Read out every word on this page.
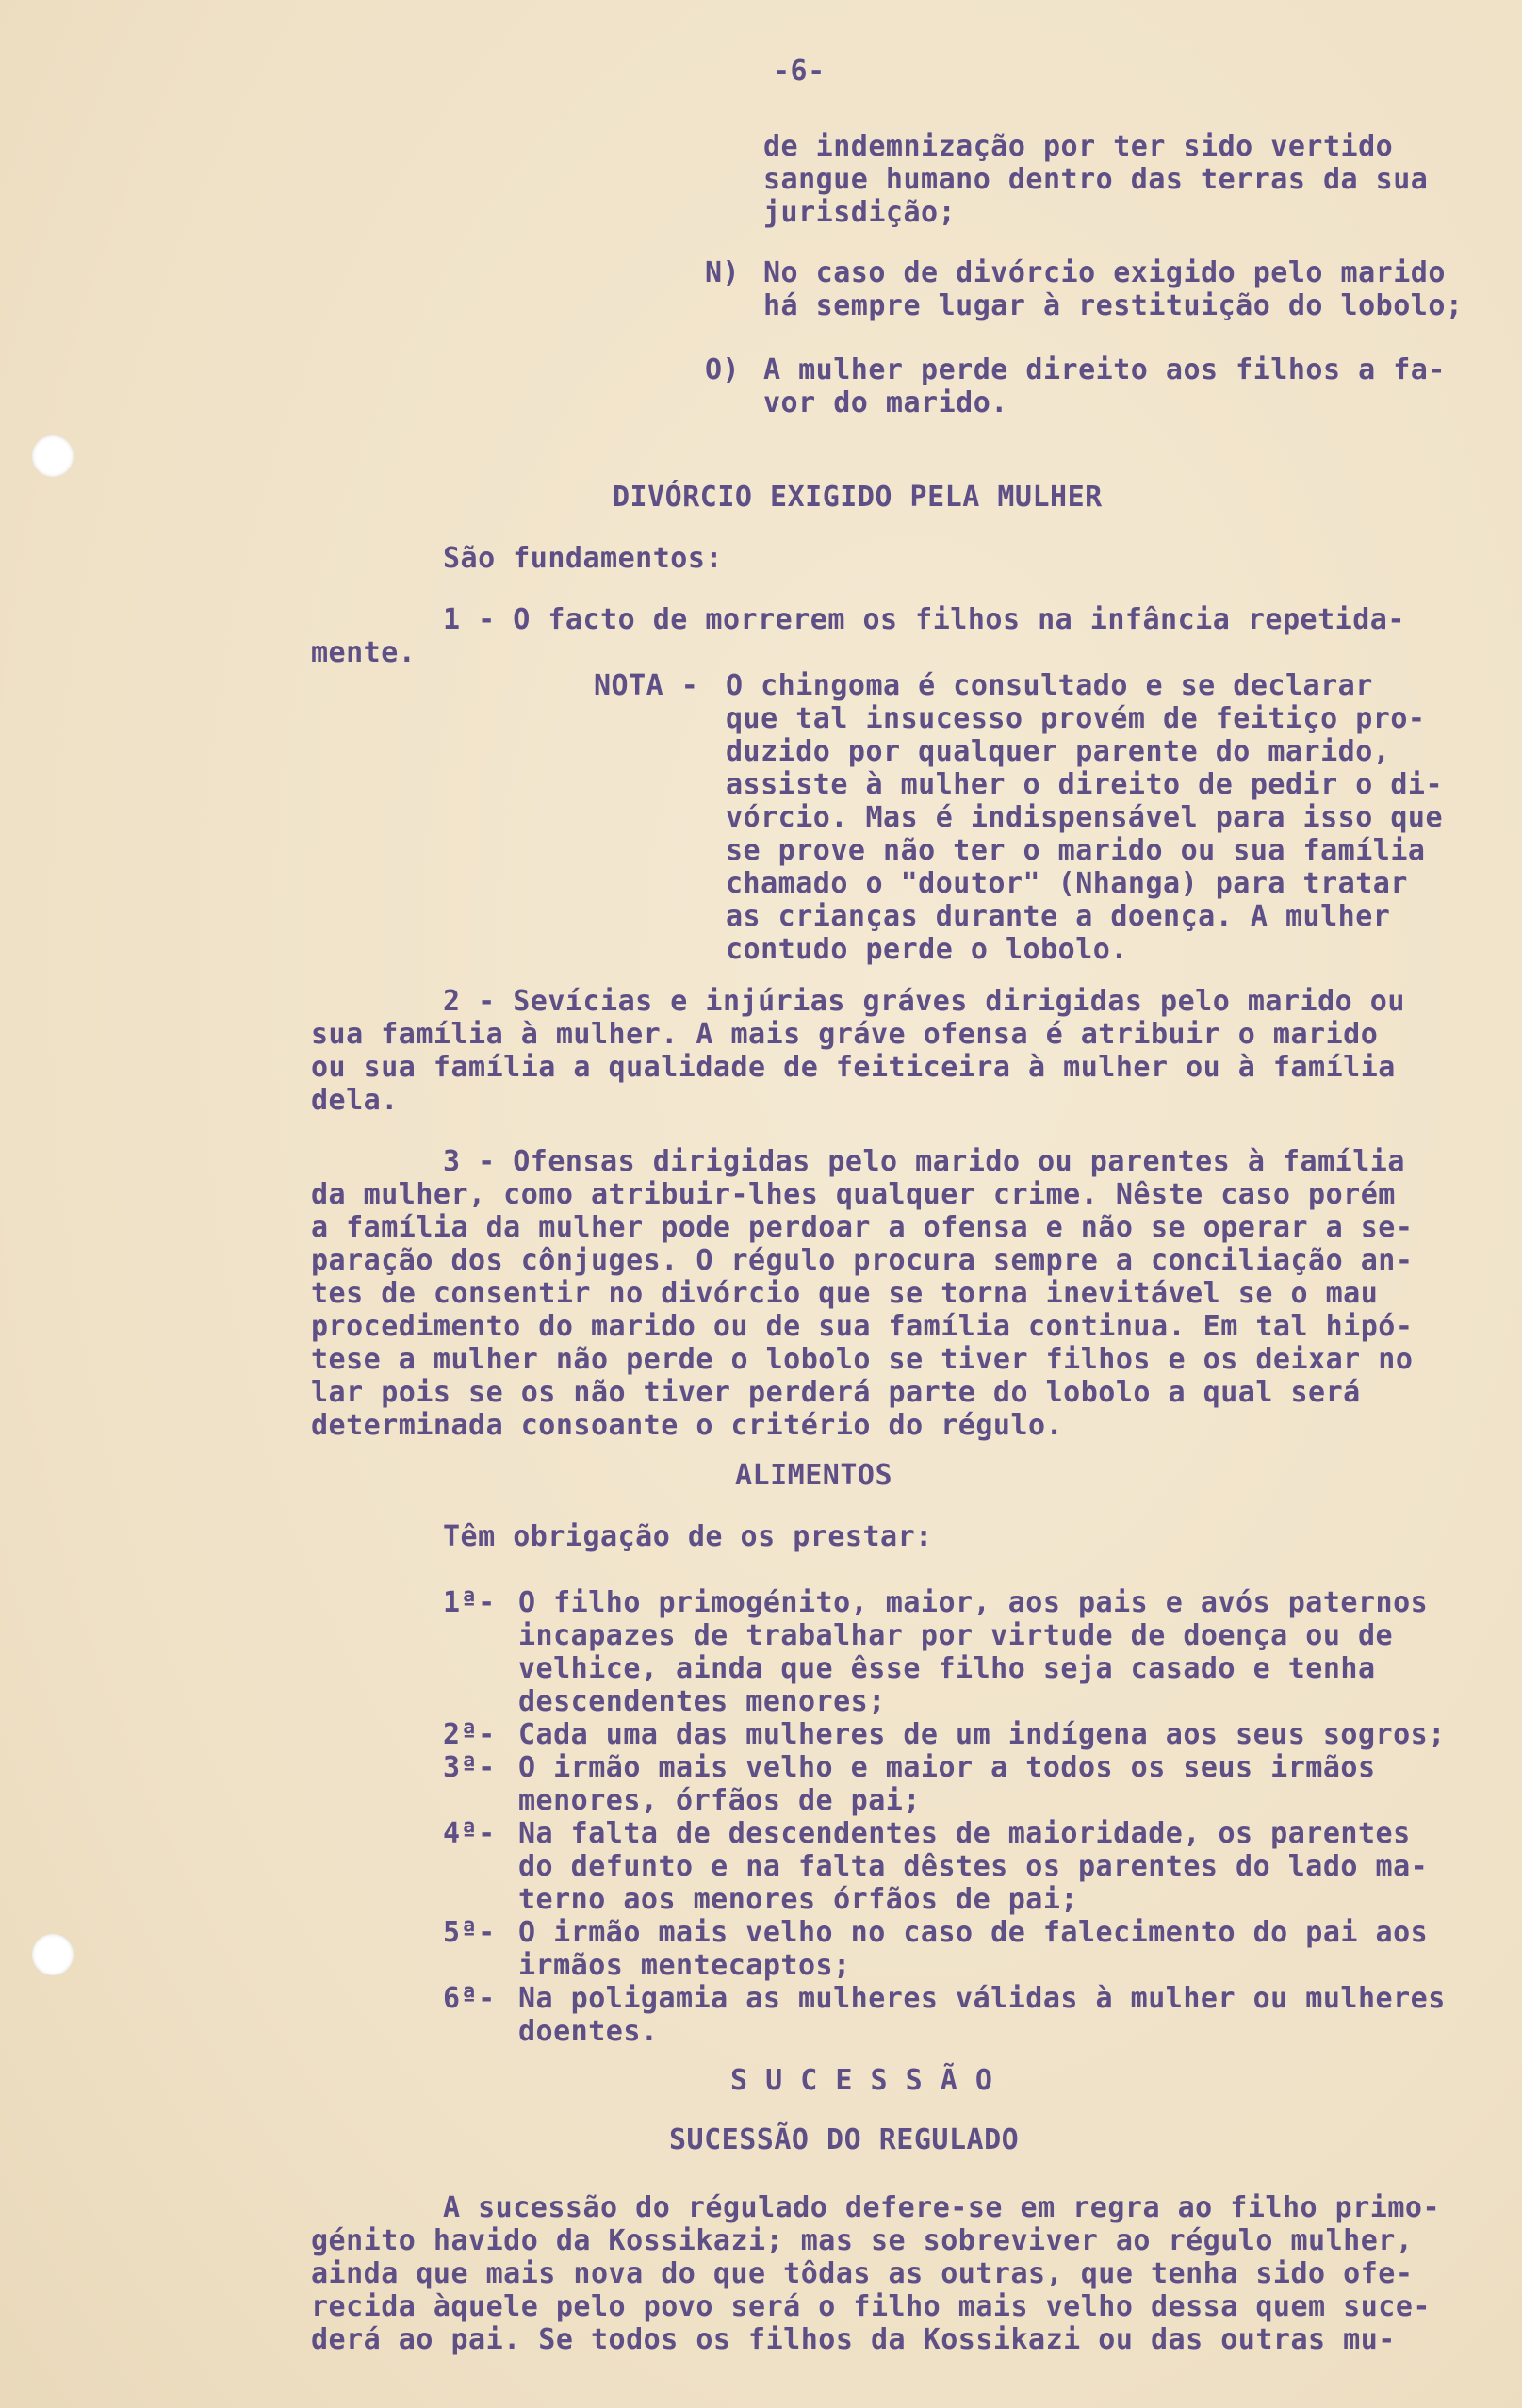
-6-
de indemnização por ter sido vertido
sangue humano dentro das terras da sua
jurisdição;
N) No caso de divórcio exigido pelo marido
há sempre lugar à restituição do lobolo;
O) A mulher perde direito aos filhos a fa-
vor do marido.
DIVÓRCIO EXIGIDO PELA MULHER
São fundamentos:
1 - O facto de morrerem os filhos na infância repetida-
mente.
NOTA - O chingoma é consultado e se declarar
que tal insucesso provém de feitiço pro-
duzido por qualquer parente do marido,
assiste à mulher o direito de pedir o di-
vórcio. Mas é indispensável para isso que
se prove não ter o marido ou sua família
chamado o "doutor" (Nhanga) para tratar
as crianças durante a doença. A mulher
contudo perde o lobolo.
2 - Sevícias e injúrias gráves dirigidas pelo marido ou
sua família à mulher. A mais gráve ofensa é atribuir o marido
ou sua família a qualidade de feiticeira à mulher ou à família
dela.
3 - Ofensas dirigidas pelo marido ou parentes à família
da mulher, como atribuir-lhes qualquer crime. Nêste caso porém
a família da mulher pode perdoar a ofensa e não se operar a se-
paração dos cônjuges. O régulo procura sempre a conciliação an-
tes de consentir no divórcio que se torna inevitável se o mau
procedimento do marido ou de sua família continua. Em tal hipó-
tese a mulher não perde o lobolo se tiver filhos e os deixar no
lar pois se os não tiver perderá parte do lobolo a qual será
determinada consoante o critério do régulo.
ALIMENTOS
Têm obrigação de os prestar:
1ª- O filho primogénito, maior, aos pais e avós paternos
incapazes de trabalhar por virtude de doença ou de
velhice, ainda que êsse filho seja casado e tenha
descendentes menores;
2ª- Cada uma das mulheres de um indígena aos seus sogros;
3ª- O irmão mais velho e maior a todos os seus irmãos
menores, órfãos de pai;
4ª- Na falta de descendentes de maioridade, os parentes
do defunto e na falta dêstes os parentes do lado ma-
terno aos menores órfãos de pai;
5ª- O irmão mais velho no caso de falecimento do pai aos
irmãos mentecaptos;
6ª- Na poligamia as mulheres válidas à mulher ou mulheres
doentes.
S U C E S S Ã O
SUCESSÃO DO REGULADO
A sucessão do régulado defere-se em regra ao filho primo-
génito havido da Kossikazi; mas se sobreviver ao régulo mulher,
ainda que mais nova do que tôdas as outras, que tenha sido ofe-
recida àquele pelo povo será o filho mais velho dessa quem suce-
derá ao pai. Se todos os filhos da Kossikazi ou das outras mu-
